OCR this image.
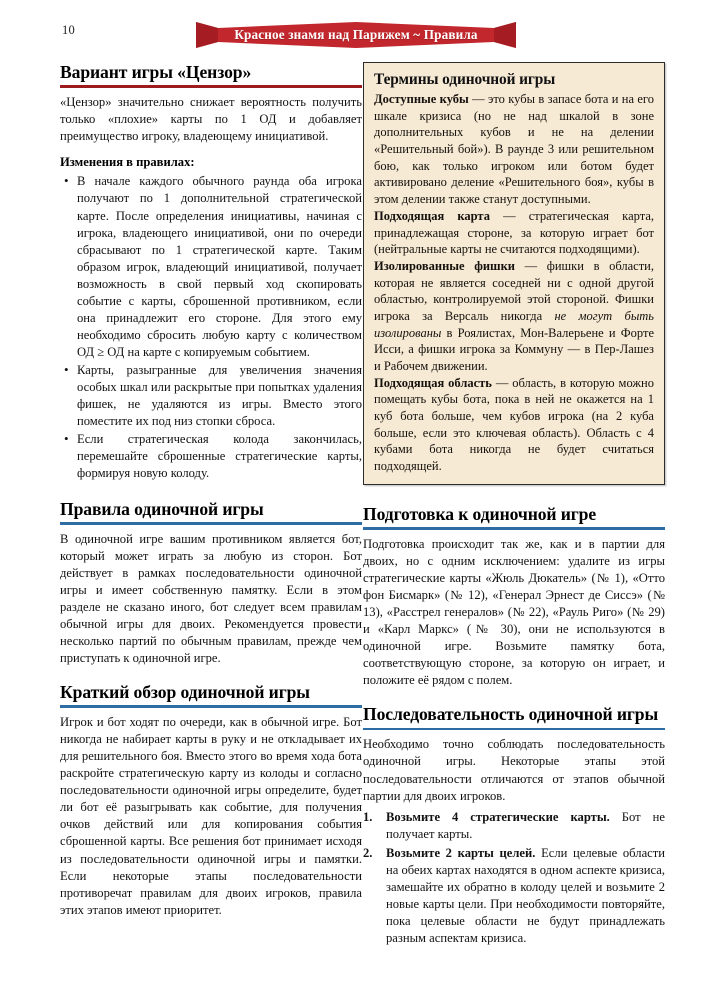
10	Красное знамя над Парижем ~ Правила
Вариант игры «Цензор»

«Цензор» значительно снижает вероятность получить только «плохие» карты по 1 ОД и добавляет преимущество игроку, владеющему инициативой.

Изменения в правилах:
• В начале каждого обычного раунда оба игрока получают по 1 дополнительной стратегической карте. После определения инициативы, начиная с игрока, владеющего инициативой, они по очереди сбрасывают по 1 стратегической карте. Таким образом игрок, владеющий инициативой, получает возможность в свой первый ход скопировать событие с карты, сброшенной противником, если она принадлежит его стороне. Для этого ему необходимо сбросить любую карту с количеством ОД ≥ ОД на карте с копируемым событием.
• Карты, разыгранные для увеличения значения особых шкал или раскрытые при попытках удаления фишек, не удаляются из игры. Вместо этого поместите их под низ стопки сброса.
• Если стратегическая колода закончилась, перемешайте сброшенные стратегические карты, формируя новую колоду.
Правила одиночной игры

В одиночной игре вашим противником является бот, который может играть за любую из сторон. Бот действует в рамках последовательности одиночной игры и имеет собственную памятку. Если в этом разделе не сказано иного, бот следует всем правилам обычной игры для двоих. Рекомендуется провести несколько партий по обычным правилам, прежде чем приступать к одиночной игре.

Краткий обзор одиночной игры

Игрок и бот ходят по очереди, как в обычной игре. Бот никогда не набирает карты в руку и не откладывает их для решительного боя. Вместо этого во время хода бота раскройте стратегическую карту из колоды и согласно последовательности одиночной игры определите, будет ли бот её разыгрывать как событие, для получения очков действий или для копирования события сброшенной карты. Все решения бот принимает исходя из последовательности одиночной игры и памятки. Если некоторые этапы последовательности противоречат правилам для двоих игроков, правила этих этапов имеют приоритет.

Термины одиночной игры

Доступные кубы — это кубы в запасе бота и на его шкале кризиса (но не над шкалой в зоне дополнительных кубов и не на делении «Решительный бой»). В раунде 3 или решительном бою, как только игроком или ботом будет активировано деление «Решительного боя», кубы в этом делении также станут доступными.

Подходящая карта — стратегическая карта, принадлежащая стороне, за которую играет бот (нейтральные карты не считаются подходящими).

Изолированные фишки — фишки в области, которая не является соседней ни с одной другой областью, контролируемой этой стороной. Фишки игрока за Версаль никогда не могут быть изолированы в Роялистах, Мон-Валерьене и Форте Исси, а фишки игрока за Коммуну — в Пер-Лашез и Рабочем движении.

Подходящая область — область, в которую можно помещать кубы бота, пока в ней не окажется на 1 куб бота больше, чем кубов игрока (на 2 куба больше, если это ключевая область). Область с 4 кубами бота никогда не будет считаться подходящей.

Подготовка к одиночной игре

Подготовка происходит так же, как и в партии для двоих, но с одним исключением: удалите из игры стратегические карты «Жюль Дюкатель» (№ 1), «Отто фон Бисмарк» (№ 12), «Генерал Эрнест де Сиссэ» (№ 13), «Расстрел генералов» (№ 22), «Рауль Риго» (№ 29) и «Карл Маркс» (№ 30), они не используются в одиночной игре. Возьмите памятку бота, соответствующую стороне, за которую он играет, и положите её рядом с полем.

Последовательность одиночной игры

Необходимо точно соблюдать последовательность одиночной игры. Некоторые этапы этой последовательности отличаются от этапов обычной партии для двоих игроков.

1. Возьмите 4 стратегические карты. Бот не получает карты.
2. Возьмите 2 карты целей. Если целевые области на обеих картах находятся в одном аспекте кризиса, замешайте их обратно в колоду целей и возьмите 2 новые карты цели. При необходимости повторяйте, пока целевые области не будут принадлежать разным аспектам кризиса.
